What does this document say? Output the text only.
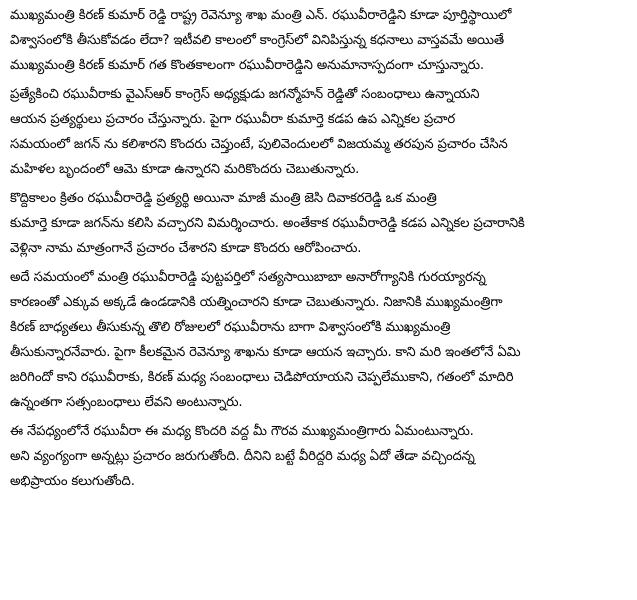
ముఖ్యమంత్రి కిరణ్ కుమార్ రెడ్డి రాష్ట్ర రెవెన్యూ శాఖ మంత్రి ఎన్. రఘువీరారెడ్డిని కూడా పూర్తిస్థాయిలో
విశ్వాసంలోకి తీసుకోవడం లేదా? ఇటీవలి కాలంలో కాంగ్రెస్‌లో వినిపిస్తున్న కధనాలు వాస్తవమే అయితే
ముఖ్యమంత్రి కిరణ్ కుమార్ గత కొంతకాలంగా రఘువీరారెడ్డిని అనుమానాస్పదంగా చూస్తున్నారు.
ప్రత్యేకించి రఘువీరాకు వైఎస్ఆర్ కాంగ్రెస్ అధ్యక్షుడు జగన్మోహన్ రెడ్డితో సంబంధాలు ఉన్నాయని
ఆయన ప్రత్యర్థులు ప్రచారం చేస్తున్నారు. పైగా రఘువీరా కుమార్తె కడప ఉప ఎన్నికల ప్రచార
సమయంలో జగన్ ను కలిశారని కొందరు చెప్తుంటే, పులివెందులలో విజయమ్మ తరపున ప్రచారం చేసిన
మహిళల బృందంలో ఆమె కూడా ఉన్నారని మరికొందరు చెబుతున్నారు.
కొద్దికాలం క్రితం రఘువీరారెడ్డి ప్రత్యర్థి అయినా మాజీ మంత్రి జెసి దివాకరరెడ్డి ఒక మంత్రి
కుమార్తె కూడా జగన్‌ను కలిసి వచ్చారని విమర్శించారు. అంతేకాక రఘువీరారెడ్డి కడప ఎన్నికల ప్రచారానికి
వెళ్లినా నామ మాత్రంగానే ప్రచారం చేశారని కూడా కొందరు ఆరోపించారు.
అదే సమయంలో మంత్రి రఘువీరారెడ్డి పుట్టపర్తిలో సత్యసాయిబాబా అనారోగ్యానికి గురయ్యారన్న
కారణంతో ఎక్కువ అక్కడే ఉండడానికి యత్నించారని కూడా చెబుతున్నారు. నిజానికి ముఖ్యమంత్రిగా
కిరణ్ బాధ్యతలు తీసుకున్న తొలి రోజులలో రఘువీరాను బాగా విశ్వాసంలోకి ముఖ్యమంత్రి
తీసుకున్నారనేవారు. పైగా కీలకమైన రెవెన్యూ శాఖను కూడా ఆయన ఇచ్చారు. కాని మరి ఇంతలోనే ఏమి
జరిగిందో కాని రఘువీరాకు, కిరణ్ మధ్య సంబంధాలు చెడిపోయాయని చెప్పలేముకాని, గతంలో మాదిరి
ఉన్నంతగా సత్సంబంధాలు లేవని అంటున్నారు.
ఈ నేపధ్యంలోనే రఘువీరా ఈ మధ్య కొందరి వద్ద మీ గౌరవ ముఖ్యమంత్రిగారు ఏమంటున్నారు.
అని వ్యంగ్యంగా అన్నట్లు ప్రచారం జరుగుతోంది. దీనిని బట్టే వీరిద్దరి మధ్య ఏదో తేడా వచ్చిందన్న
అభిప్రాయం కలుగుతోంది.
